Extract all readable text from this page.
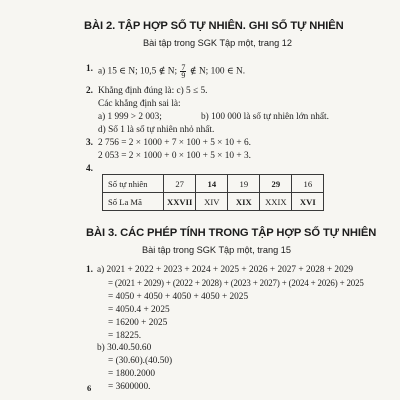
BÀI 2. TẬP HỢP SỐ TỰ NHIÊN. GHI SỐ TỰ NHIÊN
Bài tập trong SGK Tập một, trang 12
1. a) 15 ∈ N; 10,5 ∉ N; $\frac{7}{9}$ ∉ N; 100 ∈ N.
2. Khẳng định đúng là: c) 5 ≤ 5.
Các khẳng định sai là:
a) 1 999 > 2 003;	b) 100 000 là số tự nhiên lớn nhất.
d) Số 1 là số tự nhiên nhỏ nhất.
3. 2 756 = 2 × 1000 + 7 × 100 + 5 × 10 + 6.
2 053 = 2 × 1000 + 0 × 100 + 5 × 10 + 3.
4.
Số tự nhiên	27	14	19	29	16
Số La Mã	XXVII	XIV	XIX	XXIX	XVI
BÀI 3. CÁC PHÉP TÍNH TRONG TẬP HỢP SỐ TỰ NHIÊN
Bài tập trong SGK Tập một, trang 15
1. a) 2021 + 2022 + 2023 + 2024 + 2025 + 2026 + 2027 + 2028 + 2029
= (2021 + 2029) + (2022 + 2028) + (2023 + 2027) + (2024 + 2026) + 2025
= 4050 + 4050 + 4050 + 4050 + 2025
= 4050.4 + 2025
= 16200 + 2025
= 18225.
b) 30.40.50.60
= (30.60).(40.50)
= 1800.2000
= 3600000.
6
